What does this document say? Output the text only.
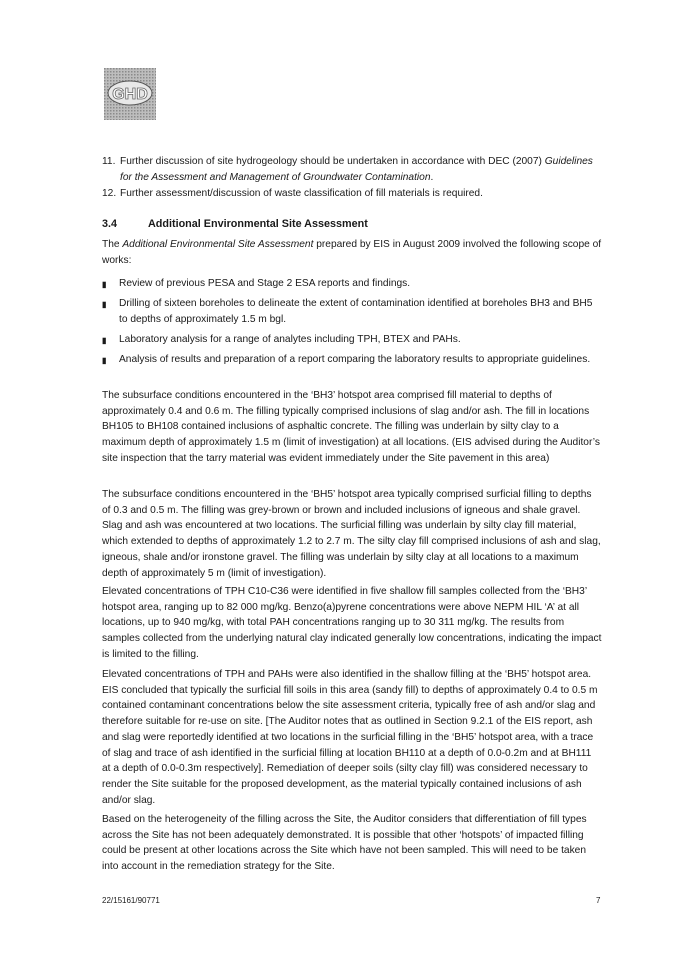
GHD
11. Further discussion of site hydrogeology should be undertaken in accordance with DEC (2007) Guidelines for the Assessment and Management of Groundwater Contamination.

12. Further assessment/discussion of waste classification of fill materials is required.

3.4	Additional Environmental Site Assessment

The Additional Environmental Site Assessment prepared by EIS in August 2009 involved the following scope of works:

▮	Review of previous PESA and Stage 2 ESA reports and findings.

▮	Drilling of sixteen boreholes to delineate the extent of contamination identified at boreholes BH3 and BH5 to depths of approximately 1.5 m bgl.

▮	Laboratory analysis for a range of analytes including TPH, BTEX and PAHs.

▮	Analysis of results and preparation of a report comparing the laboratory results to appropriate guidelines.

The subsurface conditions encountered in the ‘BH3’ hotspot area comprised fill material to depths of approximately 0.4 and 0.6 m. The filling typically comprised inclusions of slag and/or ash. The fill in locations BH105 to BH108 contained inclusions of asphaltic concrete. The filling was underlain by silty clay to a maximum depth of approximately 1.5 m (limit of investigation) at all locations. (EIS advised during the Auditor’s site inspection that the tarry material was evident immediately under the Site pavement in this area)

The subsurface conditions encountered in the ‘BH5’ hotspot area typically comprised surficial filling to depths of 0.3 and 0.5 m. The filling was grey-brown or brown and included inclusions of igneous and shale gravel. Slag and ash was encountered at two locations. The surficial filling was underlain by silty clay fill material, which extended to depths of approximately 1.2 to 2.7 m. The silty clay fill comprised inclusions of ash and slag, igneous, shale and/or ironstone gravel. The filling was underlain by silty clay at all locations to a maximum depth of approximately 5 m (limit of investigation).

Elevated concentrations of TPH C10-C36 were identified in five shallow fill samples collected from the ‘BH3’ hotspot area, ranging up to 82 000 mg/kg. Benzo(a)pyrene concentrations were above NEPM HIL ‘A’ at all locations, up to 940 mg/kg, with total PAH concentrations ranging up to 30 311 mg/kg. The results from samples collected from the underlying natural clay indicated generally low concentrations, indicating the impact is limited to the filling.

Elevated concentrations of TPH and PAHs were also identified in the shallow filling at the ‘BH5’ hotspot area. EIS concluded that typically the surficial fill soils in this area (sandy fill) to depths of approximately 0.4 to 0.5 m contained contaminant concentrations below the site assessment criteria, typically free of ash and/or slag and therefore suitable for re-use on site. [The Auditor notes that as outlined in Section 9.2.1 of the EIS report, ash and slag were reportedly identified at two locations in the surficial filling in the ‘BH5’ hotspot area, with a trace of slag and trace of ash identified in the surficial filling at location BH110 at a depth of 0.0-0.2m and at BH111 at a depth of 0.0-0.3m respectively]. Remediation of deeper soils (silty clay fill) was considered necessary to render the Site suitable for the proposed development, as the material typically contained inclusions of ash and/or slag.

Based on the heterogeneity of the filling across the Site, the Auditor considers that differentiation of fill types across the Site has not been adequately demonstrated. It is possible that other ‘hotspots’ of impacted filling could be present at other locations across the Site which have not been sampled. This will need to be taken into account in the remediation strategy for the Site.

22/15161/90771	7
